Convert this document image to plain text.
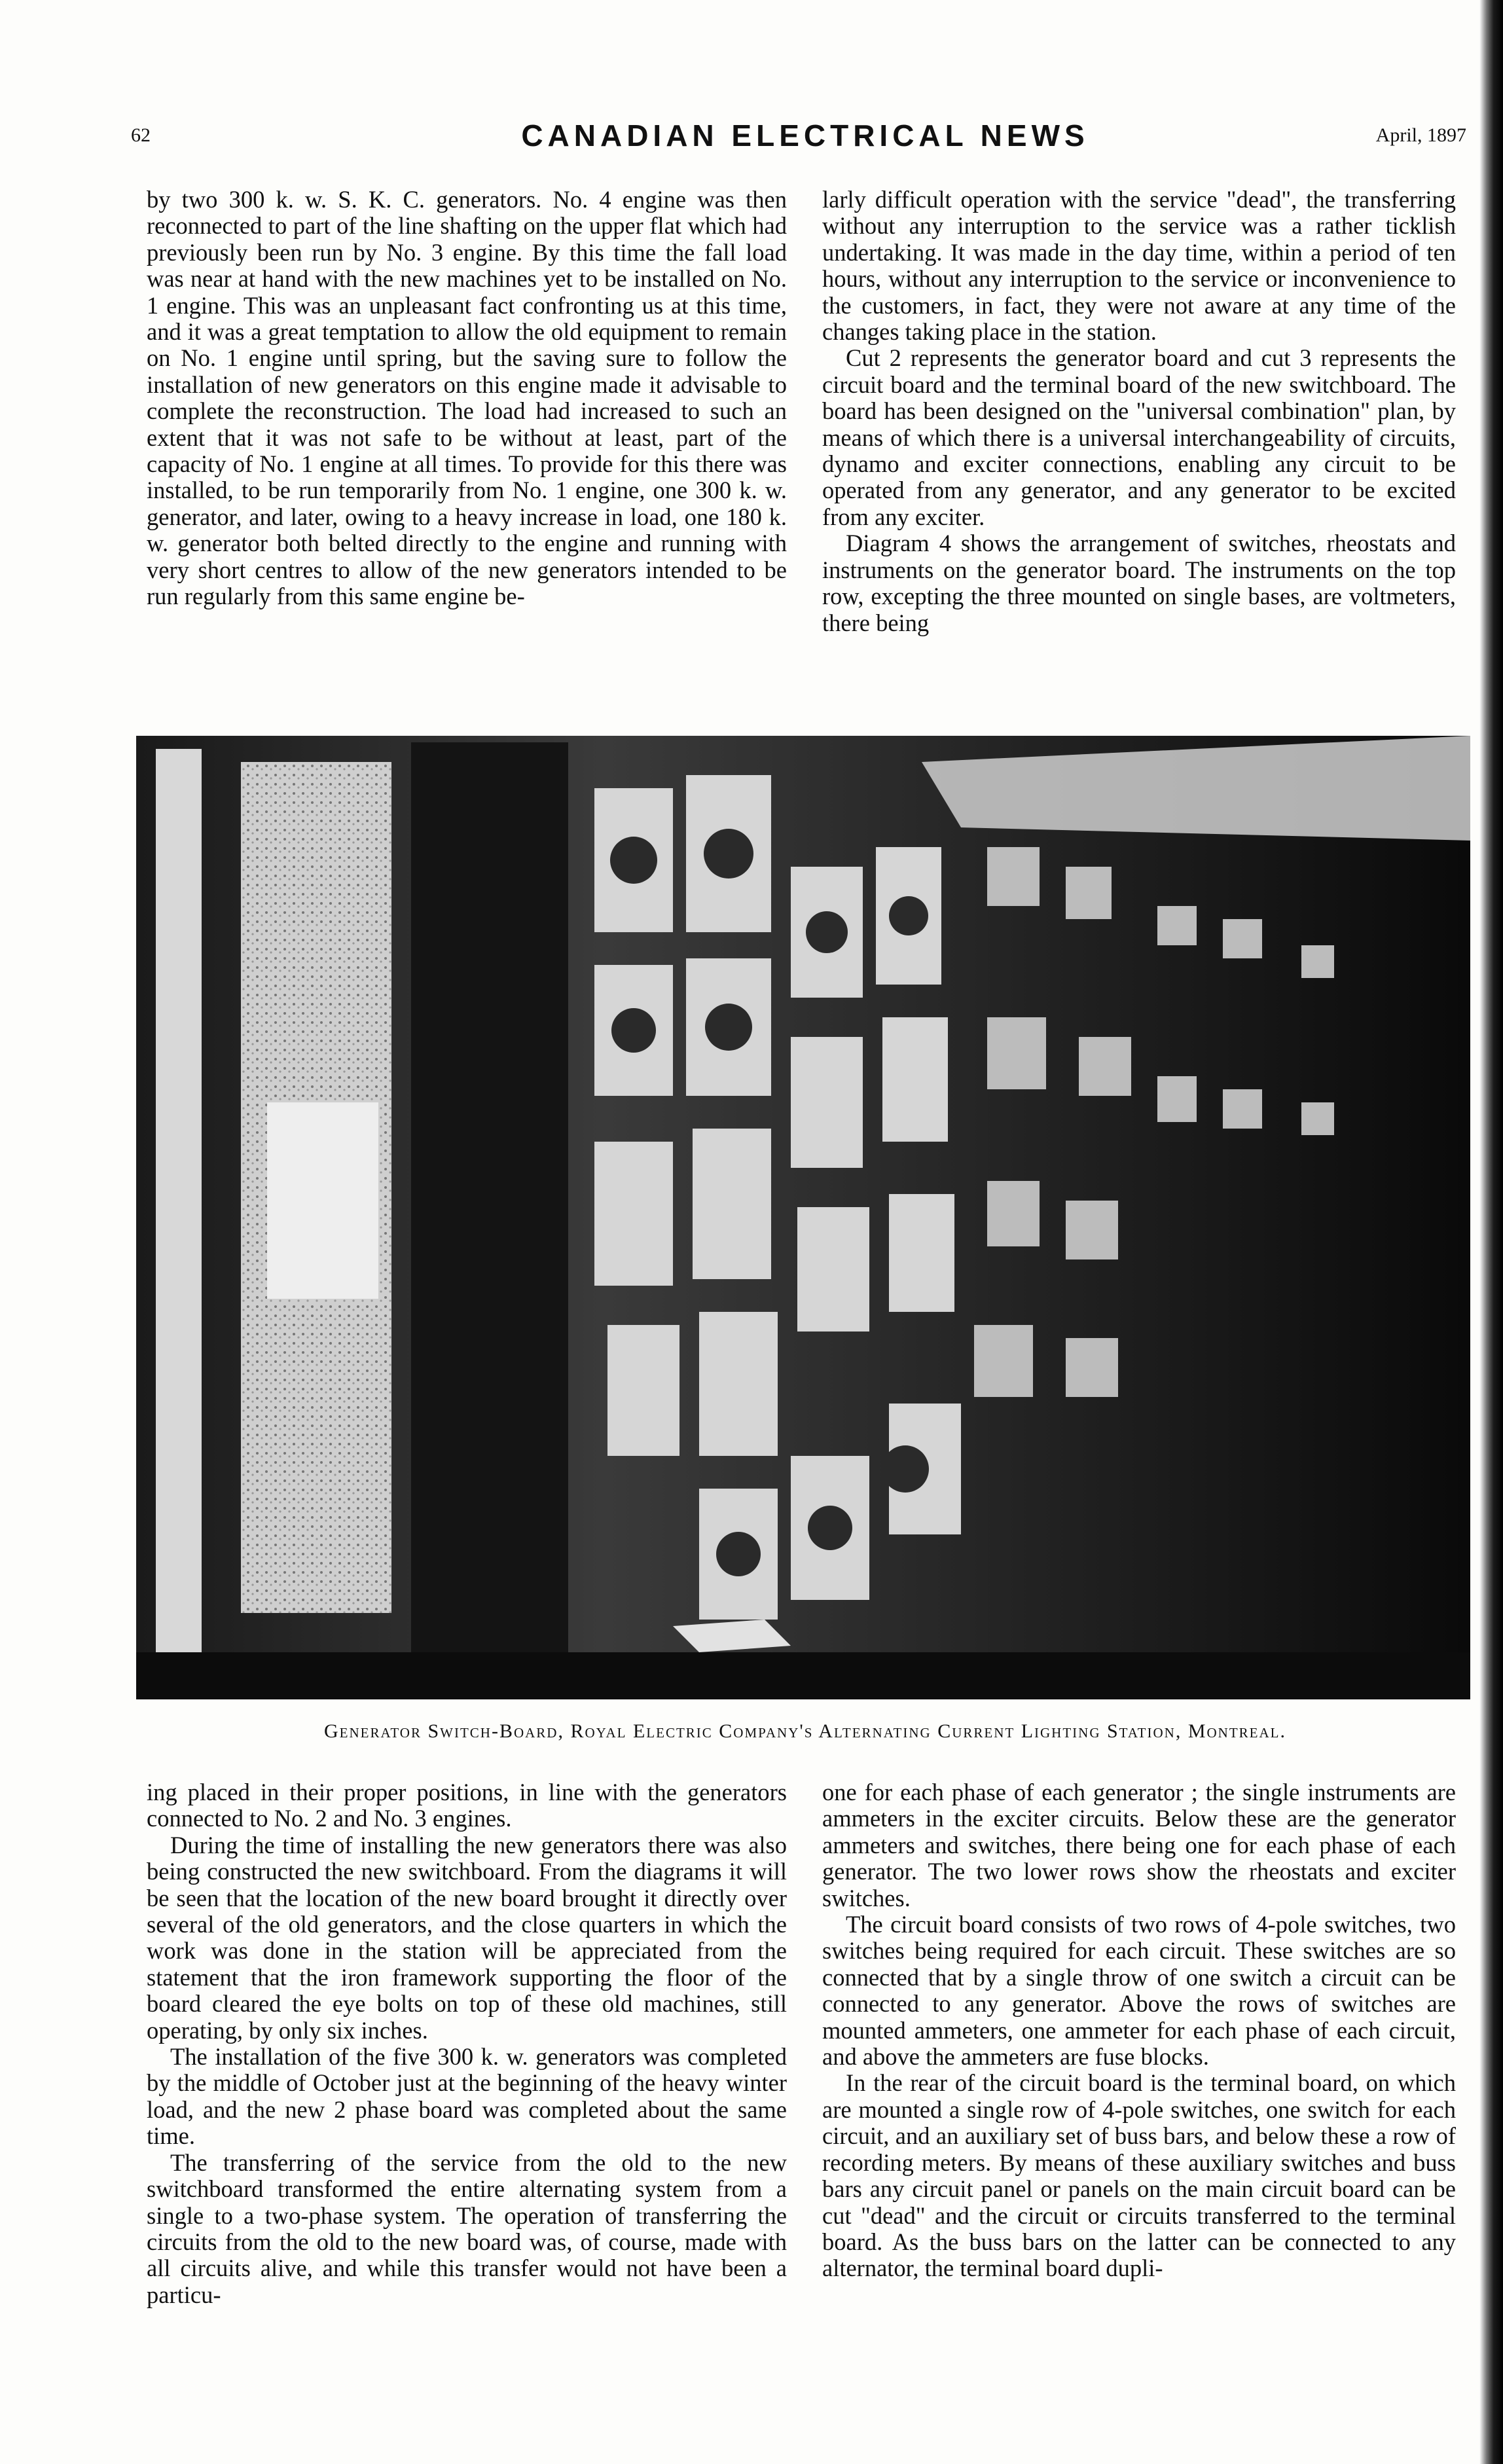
62	CANADIAN ELECTRICAL NEWS	April, 1897

by two 300 k. w. S. K. C. generators. No. 4 engine was then reconnected to part of the line shafting on the upper flat which had previously been run by No. 3 engine. By this time the fall load was near at hand with the new machines yet to be installed on No. 1 engine. This was an unpleasant fact confronting us at this time, and it was a great temptation to allow the old equipment to remain on No. 1 engine until spring, but the saving sure to follow the installation of new generators on this engine made it advisable to complete the reconstruction. The load had increased to such an extent that it was not safe to be without at least, part of the capacity of No. 1 engine at all times. To provide for this there was installed, to be run temporarily from No. 1 engine, one 300 k. w. generator, and later, owing to a heavy increase in load, one 180 k. w. generator both belted directly to the engine and running with very short centres to allow of the new generators intended to be run regularly from this same engine be-

larly difficult operation with the service "dead", the transferring without any interruption to the service was a rather ticklish undertaking. It was made in the day time, within a period of ten hours, without any interruption to the service or inconvenience to the customers, in fact, they were not aware at any time of the changes taking place in the station.

Cut 2 represents the generator board and cut 3 represents the circuit board and the terminal board of the new switchboard. The board has been designed on the "universal combination" plan, by means of which there is a universal interchangeability of circuits, dynamo and exciter connections, enabling any circuit to be operated from any generator, and any generator to be excited from any exciter.

Diagram 4 shows the arrangement of switches, rheostats and instruments on the generator board. The instruments on the top row, excepting the three mounted on single bases, are voltmeters, there being

Generator Switch-Board, Royal Electric Company's Alternating Current Lighting Station, Montreal.

ing placed in their proper positions, in line with the generators connected to No. 2 and No. 3 engines.

During the time of installing the new generators there was also being constructed the new switchboard. From the diagrams it will be seen that the location of the new board brought it directly over several of the old generators, and the close quarters in which the work was done in the station will be appreciated from the statement that the iron framework supporting the floor of the board cleared the eye bolts on top of these old machines, still operating, by only six inches.

The installation of the five 300 k. w. generators was completed by the middle of October just at the beginning of the heavy winter load, and the new 2 phase board was completed about the same time.

The transferring of the service from the old to the new switchboard transformed the entire alternating system from a single to a two-phase system. The operation of transferring the circuits from the old to the new board was, of course, made with all circuits alive, and while this transfer would not have been a particu-

one for each phase of each generator ; the single instruments are ammeters in the exciter circuits. Below these are the generator ammeters and switches, there being one for each phase of each generator. The two lower rows show the rheostats and exciter switches.

The circuit board consists of two rows of 4-pole switches, two switches being required for each circuit. These switches are so connected that by a single throw of one switch a circuit can be connected to any generator. Above the rows of switches are mounted ammeters, one ammeter for each phase of each circuit, and above the ammeters are fuse blocks.

In the rear of the circuit board is the terminal board, on which are mounted a single row of 4-pole switches, one switch for each circuit, and an auxiliary set of buss bars, and below these a row of recording meters. By means of these auxiliary switches and buss bars any circuit panel or panels on the main circuit board can be cut "dead" and the circuit or circuits transferred to the terminal board. As the buss bars on the latter can be connected to any alternator, the terminal board dupli-
